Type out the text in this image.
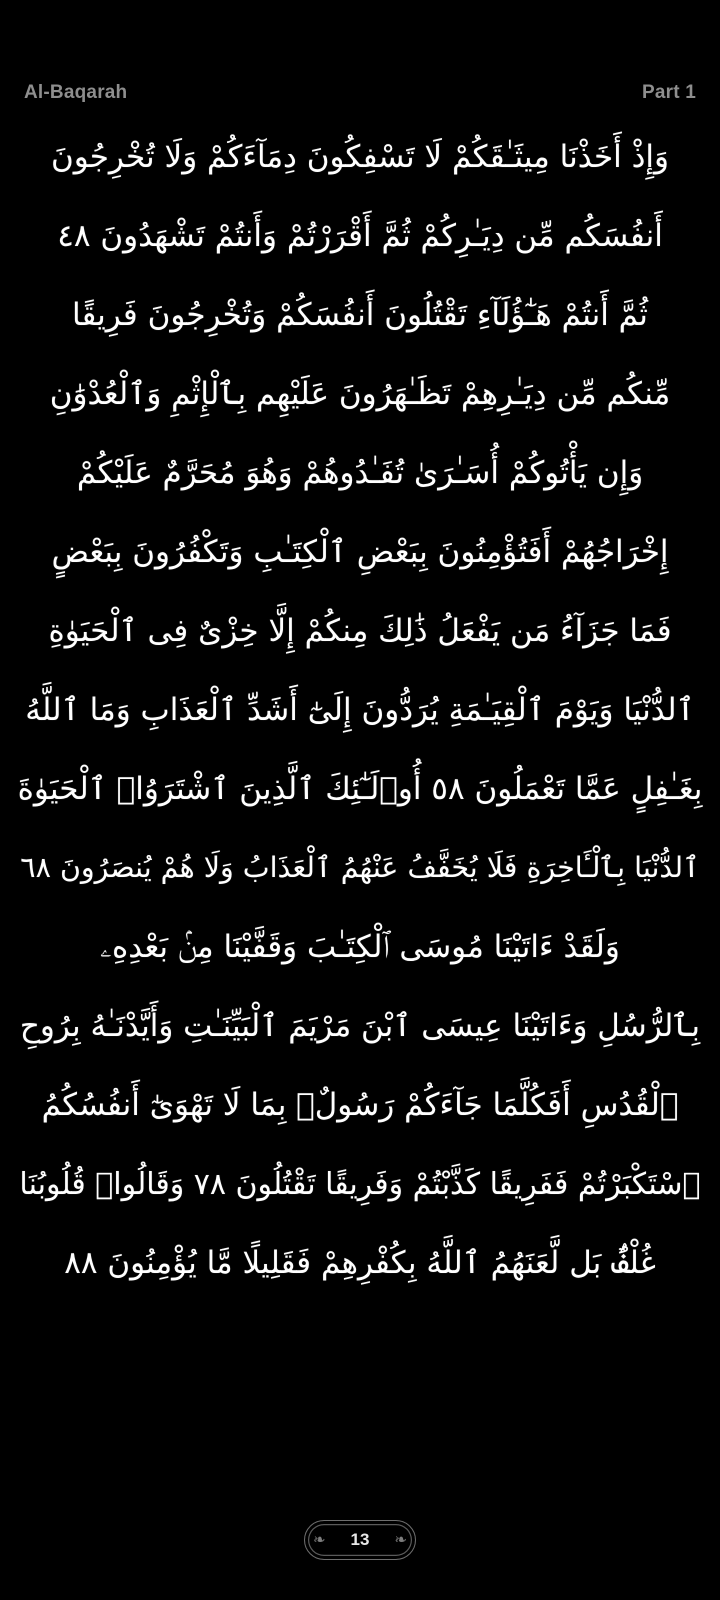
Al-Baqarah	Part 1
وَإِذْ أَخَذْنَا مِيثَـٰقَكُمْ لَا تَسْفِكُونَ دِمَآءَكُمْ وَلَا تُخْرِجُونَ
أَنفُسَكُم مِّن دِيَـٰرِكُمْ ثُمَّ أَقْرَرْتُمْ وَأَنتُمْ تَشْهَدُونَ ٨٤
ثُمَّ أَنتُمْ هَـٰٓؤُلَآءِ تَقْتُلُونَ أَنفُسَكُمْ وَتُخْرِجُونَ فَرِيقًا
مِّنكُم مِّن دِيَـٰرِهِمْ تَظَـٰهَرُونَ عَلَيْهِم بِٱلْإِثْمِ وَٱلْعُدْوَٰنِ
وَإِن يَأْتُوكُمْ أُسَـٰرَىٰ تُفَـٰدُوهُمْ وَهُوَ مُحَرَّمٌ عَلَيْكُمْ
إِخْرَاجُهُمْ أَفَتُؤْمِنُونَ بِبَعْضِ ٱلْكِتَـٰبِ وَتَكْفُرُونَ بِبَعْضٍ
فَمَا جَزَآءُ مَن يَفْعَلُ ذَٰلِكَ مِنكُمْ إِلَّا خِزْىٌ فِى ٱلْحَيَوٰةِ
ٱلدُّنْيَا وَيَوْمَ ٱلْقِيَـٰمَةِ يُرَدُّونَ إِلَىٰٓ أَشَدِّ ٱلْعَذَابِ وَمَا ٱللَّهُ
بِغَـٰفِلٍ عَمَّا تَعْمَلُونَ ٨٥ أُو۟لَـٰٓئِكَ ٱلَّذِينَ ٱشْتَرَوُا۟ ٱلْحَيَوٰةَ
ٱلدُّنْيَا بِٱلْـَٔاخِرَةِ فَلَا يُخَفَّفُ عَنْهُمُ ٱلْعَذَابُ وَلَا هُمْ يُنصَرُونَ ٨٦
وَلَقَدْ ءَاتَيْنَا مُوسَى ٱلْكِتَـٰبَ وَقَفَّيْنَا مِنۢ بَعْدِهِۦ
بِٱلرُّسُلِ وَءَاتَيْنَا عِيسَى ٱبْنَ مَرْيَمَ ٱلْبَيِّنَـٰتِ وَأَيَّدْنَـٰهُ بِرُوحِ
ٱلْقُدُسِ أَفَكُلَّمَا جَآءَكُمْ رَسُولٌۢ بِمَا لَا تَهْوَىٰٓ أَنفُسُكُمُ
ٱسْتَكْبَرْتُمْ فَفَرِيقًا كَذَّبْتُمْ وَفَرِيقًا تَقْتُلُونَ ٨٧ وَقَالُوا۟ قُلُوبُنَا
غُلْفٌۢ بَل لَّعَنَهُمُ ٱللَّهُ بِكُفْرِهِمْ فَقَلِيلًا مَّا يُؤْمِنُونَ ٨٨
❧	❧
13
